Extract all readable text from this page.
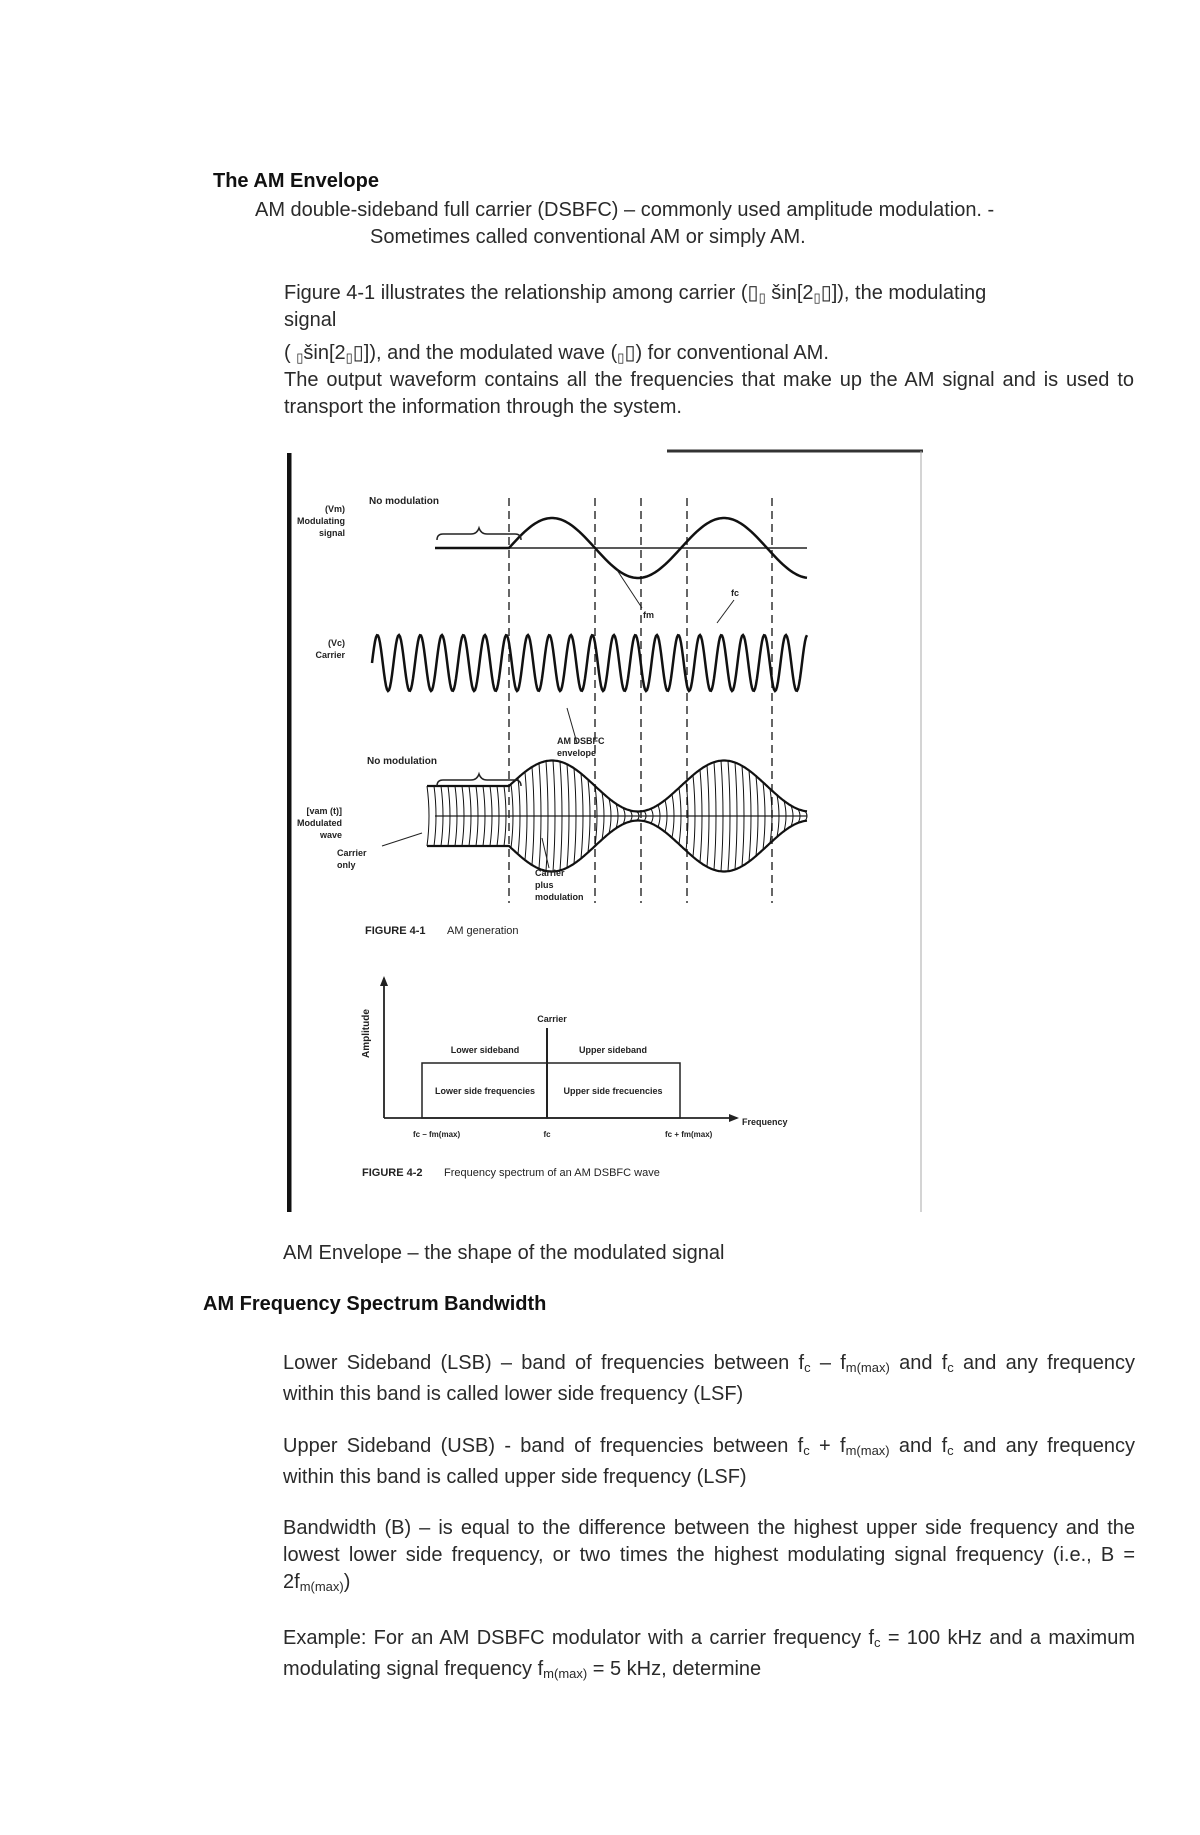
The AM Envelope
AM double-sideband full carrier (DSBFC) – commonly used amplitude modulation. -
Sometimes called conventional AM or simply AM.
Figure 4-1 illustrates the relationship among carrier ($▯_▯$ $šin[2_▯▯]$), the modulating
signal
( $_▯šin[2_▯▯]$), and the modulated wave $(_▯▯)$ for conventional AM.
The output waveform contains all the frequencies that make up the AM signal and is used to transport the information through the system.
No modulation
(Vm)
Modulating
signal
fm
fc
(Vc)
Carrier
No modulation
AM DSBFC
envelope
[vam (t)]
Modulated
wave
Carrier
only
Carrier
plus
modulation
FIGURE 4-1 AM generation
Amplitude	Carrier
Lower sideband	Upper sideband
Lower side frequencies	Upper side frecuencies
Frequency
fc – fm(max)	fc	fc + fm(max)
FIGURE 4-2 Frequency spectrum of an AM DSBFC wave
AM Envelope – the shape of the modulated signal
AM Frequency Spectrum Bandwidth
Lower Sideband (LSB) – band of frequencies between $f_c - f_{m(max)}$ and $f_c$ and any frequency within this band is called lower side frequency (LSF)
Upper Sideband (USB) - band of frequencies between $f_c + f_{m(max)}$ and $f_c$ and any frequency within this band is called upper side frequency (LSF)
Bandwidth (B) – is equal to the difference between the highest upper side frequency and the lowest lower side frequency, or two times the highest modulating signal frequency (i.e., $B = 2f_{m(max)}$)
Example: For an AM DSBFC modulator with a carrier frequency $f_c = 100$ kHz and a maximum modulating signal frequency $f_{m(max)} = 5$ kHz, determine
